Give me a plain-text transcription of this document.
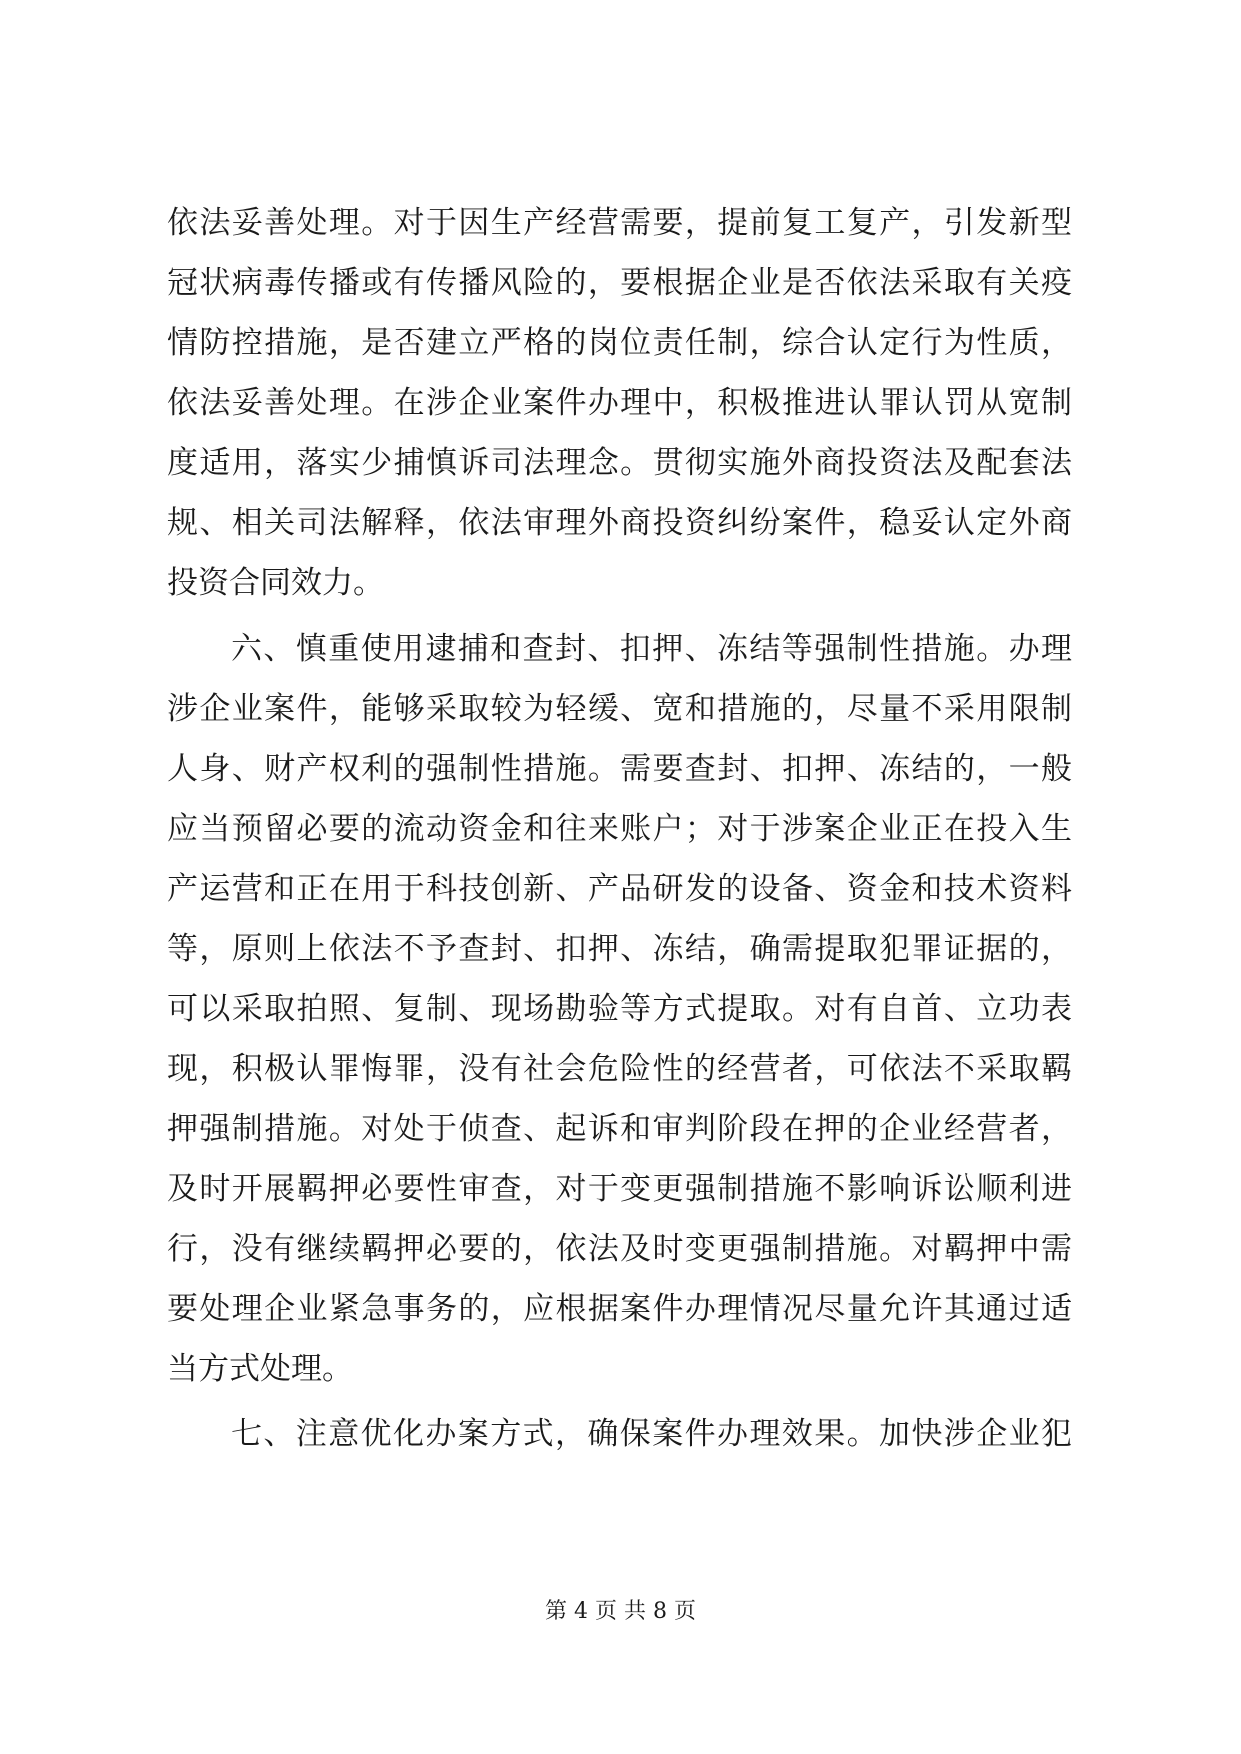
依法妥善处理。对于因生产经营需要，提前复工复产，引发新型
冠状病毒传播或有传播风险的，要根据企业是否依法采取有关疫
情防控措施，是否建立严格的岗位责任制，综合认定行为性质，
依法妥善处理。在涉企业案件办理中，积极推进认罪认罚从宽制
度适用，落实少捕慎诉司法理念。贯彻实施外商投资法及配套法
规、相关司法解释，依法审理外商投资纠纷案件，稳妥认定外商
投资合同效力。
六、慎重使用逮捕和查封、扣押、冻结等强制性措施。办理
涉企业案件，能够采取较为轻缓、宽和措施的，尽量不采用限制
人身、财产权利的强制性措施。需要查封、扣押、冻结的，一般
应当预留必要的流动资金和往来账户；对于涉案企业正在投入生
产运营和正在用于科技创新、产品研发的设备、资金和技术资料
等，原则上依法不予查封、扣押、冻结，确需提取犯罪证据的，
可以采取拍照、复制、现场勘验等方式提取。对有自首、立功表
现，积极认罪悔罪，没有社会危险性的经营者，可依法不采取羁
押强制措施。对处于侦查、起诉和审判阶段在押的企业经营者，
及时开展羁押必要性审查，对于变更强制措施不影响诉讼顺利进
行，没有继续羁押必要的，依法及时变更强制措施。对羁押中需
要处理企业紧急事务的，应根据案件办理情况尽量允许其通过适
当方式处理。
七、注意优化办案方式，确保案件办理效果。加快涉企业犯
第 4 页 共 8 页
